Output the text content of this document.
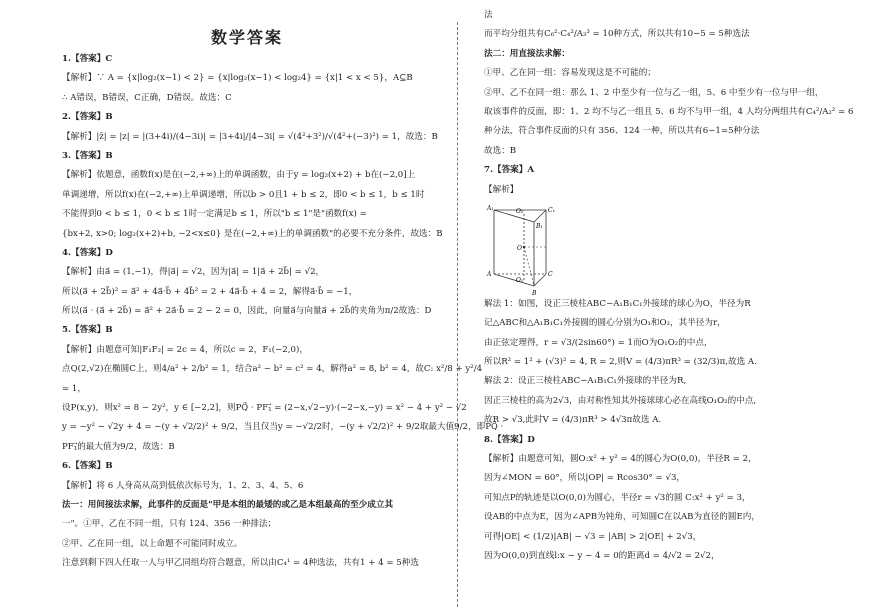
数学答案
1.【答案】C
【解析】∵ A = {x|log₂(x−1) < 2} = {x|log₂(x−1) < log₂4} = {x|1 < x < 5}，A⊆B
∴ A错误，B错误，C正确，D错误。故选：C
2.【答案】B
【解析】|z̄| = |z| = |(3+4i)/(4−3i)| = |3+4i|/|4−3i| = √(4²+3²)/√(4²+(−3)²) = 1，故选：B
3.【答案】B
【解析】依题意，函数f(x)是在(−2,+∞)上的单调函数，由于y = log₂(x+2) + b在(−2,0]上
单调递增，所以f(x)在(−2,+∞)上单调递增，所以b > 0且1 + b ≤ 2，即0 < b ≤ 1，b ≤ 1时
不能得到0 < b ≤ 1，0 < b ≤ 1时一定满足b ≤ 1，所以"b ≤ 1"是"函数f(x) =
{bx+2, x>0; log₂(x+2)+b, −2<x≤0} 是在(−2,+∞)上的单调函数"的必要不充分条件，故选：B
4.【答案】D
【解析】由a⃗ = (1,−1)，得|a⃗| = √2，因为|a⃗| = 1|a⃗ + 2b⃗| = √2，
所以(a⃗ + 2b⃗)² = a⃗² + 4a⃗·b⃗ + 4b⃗² = 2 + 4a⃗·b⃗ + 4 = 2，解得a⃗·b⃗ = −1，
所以(a⃗ · (a⃗ + 2b⃗) = a⃗² + 2a⃗·b⃗ = 2 − 2 = 0，因此，向量a⃗与向量a⃗ + 2b⃗的夹角为π/2故选：D
5.【答案】B
【解析】由题意可知|F₁F₂| = 2c = 4，所以c = 2，F₁(−2,0)，
点Q(2,√2)在椭圆C上，则4/a² + 2/b² = 1，结合a² − b² = c² = 4，解得a² = 8, b² = 4，故C: x²/8 + y²/4
= 1，
设P(x,y)，则x² = 8 − 2y²，y ∈ [−2,2]，则PQ⃗ · PF₁⃗ = (2−x,√2−y)·(−2−x,−y) = x² − 4 + y² − √2
y = −y² − √2y + 4 = −(y + √2/2)² + 9/2，当且仅当y = −√2/2时，−(y + √2/2)² + 9/2取最大值9/2，即PQ⃗ ·
PF₁⃗的最大值为9/2，故选：B
6.【答案】B
【解析】将 6 人身高从高到低依次标号为，1、2、3、4、5、6
法一：用间接法求解，此事件的反面是"甲是本组的最矮的或乙是本组最高的至少成立其
一"。①甲、乙在不同一组，只有 124、356 一种排法；
②甲、乙在同一组，以上命题不可能同时成立。
注意到剩下四人任取一人与甲乙同组均符合题意，所以由C₄¹ = 4种选法，共有1 + 4 = 5种选
法
而平均分组共有C₆²·C₄²/A₃³ = 10种方式，所以共有10−5 = 5种选法
法二：用直接法求解：
①甲、乙在同一组：容易发现这是不可能的；
②甲、乙不在同一组：那么 1、2 中至少有一位与乙一组，5、6 中至少有一位与甲一组，
取该事件的反面，即：1、2 均不与乙一组且 5、6 均不与甲一组，4 人均分两组共有C₄²/A₂² = 6
种分法，符合事件反面的只有 356、124 一种，所以共有6−1=5种分法
故选：B
7.【答案】A
【解析】
A₁	O₂	C₁
B₁
O
O₁
A	C
B
解法 1：如图，设正三棱柱ABC−A₁B₁C₁外接球的球心为O，半径为R
记△ABC和△A₁B₁C₁外接圆的圆心分别为O₁和O₂，其半径为r，
由正弦定理得，r = √3/(2sin60°) = 1而O为O₁O₂的中点，
所以R² = 1² + (√3)² = 4, R = 2,则V = (4/3)πR³ = (32/3)π,故选 A.
解法 2：设正三棱柱ABC−A₁B₁C₁外接球的半径为R,
因正三棱柱的高为2√3，由对称性知其外接球球心必在高线O₁O₂的中点,
故R > √3,此时V = (4/3)πR³ > 4√3π故选 A.
8.【答案】D
【解析】由题意可知，圆O:x² + y² = 4的圆心为O(0,0)，半径R = 2，
因为∠MON = 60°，所以|OP| = Rcos30° = √3，
可知点P的轨迹是以O(0,0)为圆心，半径r = √3的圆 C:x² + y² = 3，
设AB的中点为E，因为∠APB为钝角，可知圆C在以AB为直径的圆E内，
可得|OE| < (1/2)|AB| − √3 = |AB| > 2|OE| + 2√3，
因为O(0,0)到直线l:x − y − 4 = 0的距离d = 4/√2 = 2√2，
